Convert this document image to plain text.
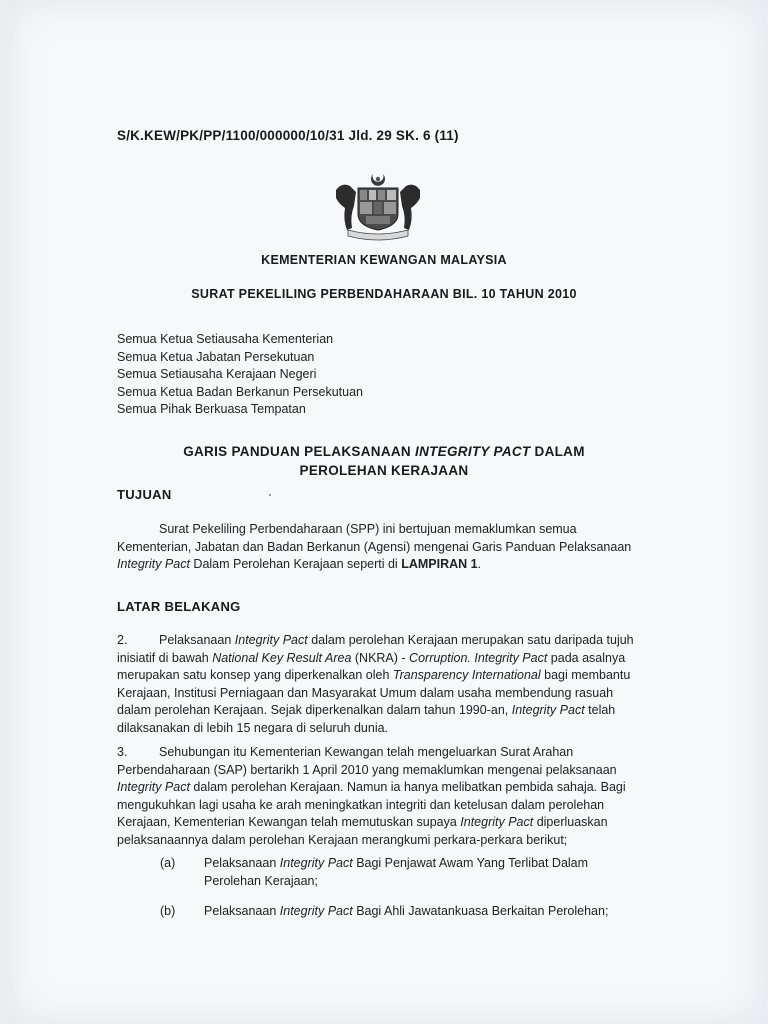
S/K.KEW/PK/PP/1100/000000/10/31 Jld. 29 SK. 6 (11)
KEMENTERIAN KEWANGAN MALAYSIA
SURAT PEKELILING PERBENDAHARAAN BIL. 10 TAHUN 2010
Semua Ketua Setiausaha Kementerian
Semua Ketua Jabatan Persekutuan
Semua Setiausaha Kerajaan Negeri
Semua Ketua Badan Berkanun Persekutuan
Semua Pihak Berkuasa Tempatan
GARIS PANDUAN PELAKSANAAN INTEGRITY PACT DALAM
PEROLEHAN KERAJAAN
TUJUAN
Surat Pekeliling Perbendaharaan (SPP) ini bertujuan memaklumkan semua
Kementerian, Jabatan dan Badan Berkanun (Agensi) mengenai Garis Panduan Pelaksanaan
Integrity Pact Dalam Perolehan Kerajaan seperti di LAMPIRAN 1.
LATAR BELAKANG
2.	Pelaksanaan Integrity Pact dalam perolehan Kerajaan merupakan satu daripada tujuh
inisiatif di bawah National Key Result Area (NKRA) - Corruption. Integrity Pact pada asalnya
merupakan satu konsep yang diperkenalkan oleh Transparency International bagi membantu
Kerajaan, Institusi Perniagaan dan Masyarakat Umum dalam usaha membendung rasuah
dalam perolehan Kerajaan. Sejak diperkenalkan dalam tahun 1990-an, Integrity Pact telah
dilaksanakan di lebih 15 negara di seluruh dunia.
3.	Sehubungan itu Kementerian Kewangan telah mengeluarkan Surat Arahan
Perbendaharaan (SAP) bertarikh 1 April 2010 yang memaklumkan mengenai pelaksanaan
Integrity Pact dalam perolehan Kerajaan. Namun ia hanya melibatkan pembida sahaja. Bagi
mengukuhkan lagi usaha ke arah meningkatkan integriti dan ketelusan dalam perolehan
Kerajaan, Kementerian Kewangan telah memutuskan supaya Integrity Pact diperluaskan
pelaksanaannya dalam perolehan Kerajaan merangkumi perkara-perkara berikut;
(a) Pelaksanaan Integrity Pact Bagi Penjawat Awam Yang Terlibat Dalam
Perolehan Kerajaan;
(b) Pelaksanaan Integrity Pact Bagi Ahli Jawatankuasa Berkaitan Perolehan;
